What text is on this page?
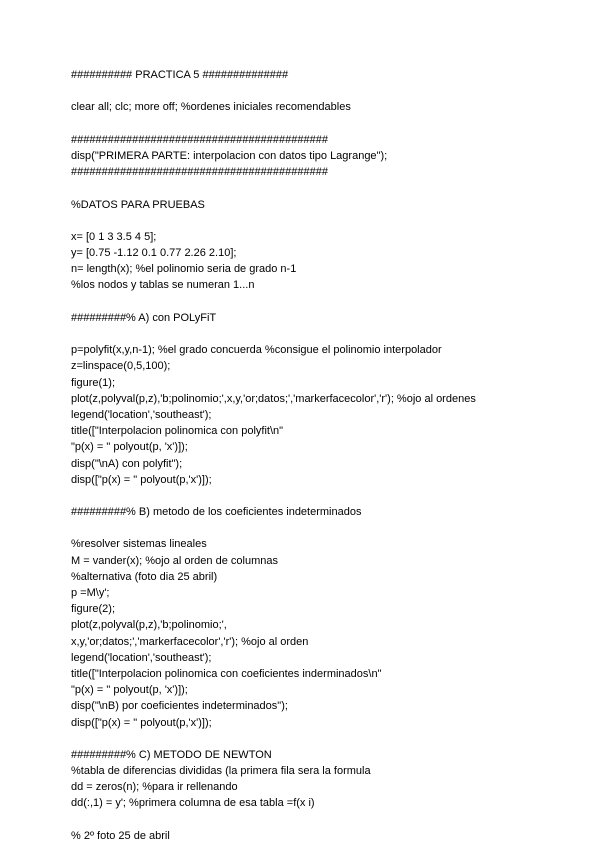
########## PRACTICA 5 ##############
clear all; clc; more off; %ordenes iniciales recomendables
##########################################
disp("PRIMERA PARTE: interpolacion con datos tipo Lagrange");
##########################################
%DATOS PARA PRUEBAS
x= [0 1 3 3.5 4 5];
y= [0.75 -1.12 0.1 0.77 2.26 2.10];
n= length(x); %el polinomio seria de grado n-1
%los nodos y tablas se numeran 1...n
#########% A) con POLyFiT
p=polyfit(x,y,n-1); %el grado concuerda %consigue el polinomio interpolador
z=linspace(0,5,100);
figure(1);
plot(z,polyval(p,z),'b;polinomio;',x,y,'or;datos;','markerfacecolor','r'); %ojo al ordenes
legend('location','southeast');
title(["Interpolacion polinomica con polyfit\n"
"p(x) = " polyout(p, 'x')]);
disp("\nA) con polyfit");
disp(["p(x) = " polyout(p,'x')]);
#########% B) metodo de los coeficientes indeterminados
%resolver sistemas lineales
M = vander(x); %ojo al orden de columnas
%alternativa (foto dia 25 abril)
p =M\y';
figure(2);
plot(z,polyval(p,z),'b;polinomio;',
x,y,'or;datos;','markerfacecolor','r'); %ojo al orden
legend('location','southeast');
title(["Interpolacion polinomica con coeficientes inderminados\n"
"p(x) = " polyout(p, 'x')]);
disp("\nB) por coeficientes indeterminados");
disp(["p(x) = " polyout(p,'x')]);
#########% C) METODO DE NEWTON
%tabla de diferencias divididas (la primera fila sera la formula
dd = zeros(n); %para ir rellenando
dd(:,1) = y'; %primera columna de esa tabla =f(x i)
% 2º foto 25 de abril
